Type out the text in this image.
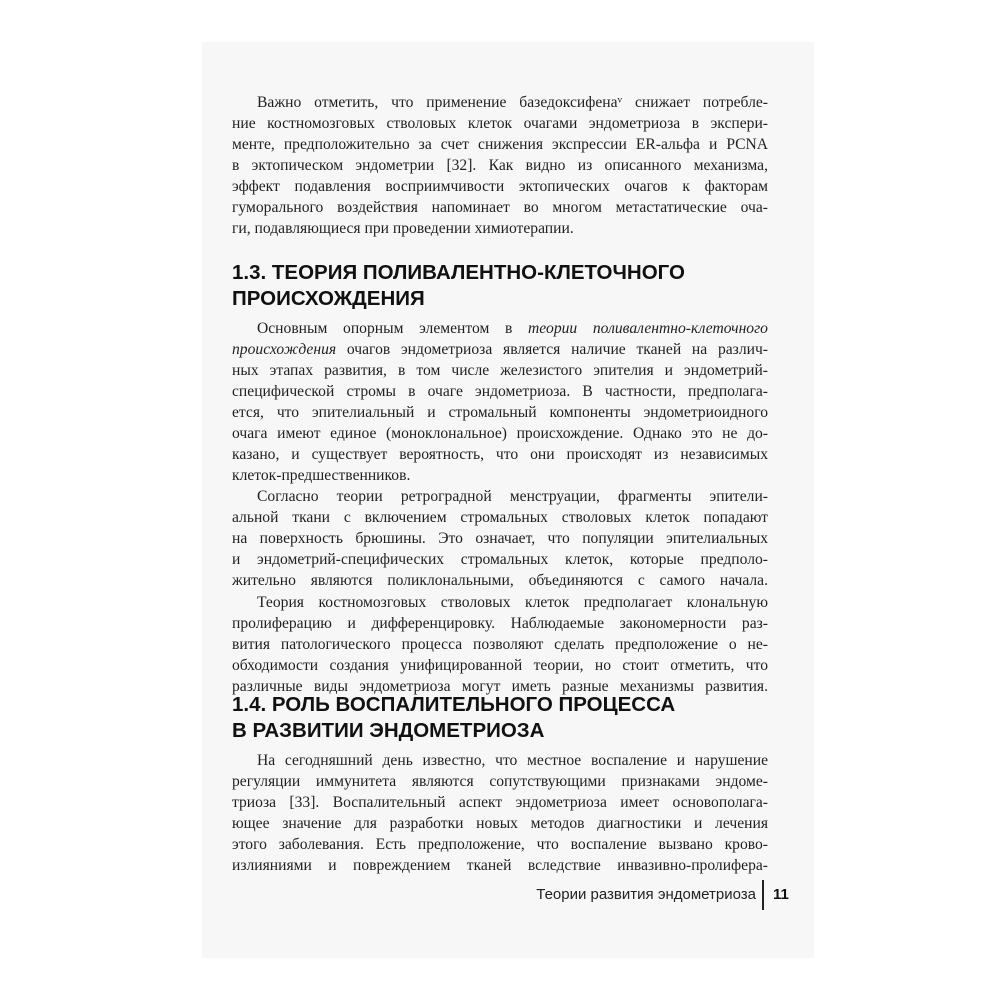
Важно отметить, что применение базедоксифенаᵛ снижает потребле-
ние костномозговых стволовых клеток очагами эндометриоза в экспери-
менте, предположительно за счет снижения экспрессии ER-альфа и PCNA
в эктопическом эндометрии [32]. Как видно из описанного механизма,
эффект подавления восприимчивости эктопических очагов к факторам
гуморального воздействия напоминает во многом метастатические оча-
ги, подавляющиеся при проведении химиотерапии.
1.3. ТЕОРИЯ ПОЛИВАЛЕНТНО-КЛЕТОЧНОГО
ПРОИСХОЖДЕНИЯ
Основным опорным элементом в теории поливалентно-клеточного
происхождения очагов эндометриоза является наличие тканей на различ-
ных этапах развития, в том числе железистого эпителия и эндометрий-
специфической стромы в очаге эндометриоза. В частности, предполага-
ется, что эпителиальный и стромальный компоненты эндометриоидного
очага имеют единое (моноклональное) происхождение. Однако это не до-
казано, и существует вероятность, что они происходят из независимых
клеток-предшественников.
Согласно теории ретроградной менструации, фрагменты эпители-
альной ткани с включением стромальных стволовых клеток попадают
на поверхность брюшины. Это означает, что популяции эпителиальных
и эндометрий-специфических стромальных клеток, которые предполо-
жительно являются поликлональными, объединяются с самого начала.
Теория костномозговых стволовых клеток предполагает клональную
пролиферацию и дифференцировку. Наблюдаемые закономерности раз-
вития патологического процесса позволяют сделать предположение о не-
обходимости создания унифицированной теории, но стоит отметить, что
различные виды эндометриоза могут иметь разные механизмы развития.
1.4. РОЛЬ ВОСПАЛИТЕЛЬНОГО ПРОЦЕССА
В РАЗВИТИИ ЭНДОМЕТРИОЗА
На сегодняшний день известно, что местное воспаление и нарушение
регуляции иммунитета являются сопутствующими признаками эндоме-
триоза [33]. Воспалительный аспект эндометриоза имеет основополага-
ющее значение для разработки новых методов диагностики и лечения
этого заболевания. Есть предположение, что воспаление вызвано крово-
излияниями и повреждением тканей вследствие инвазивно-пролифера-
Теории развития эндометриоза 11
